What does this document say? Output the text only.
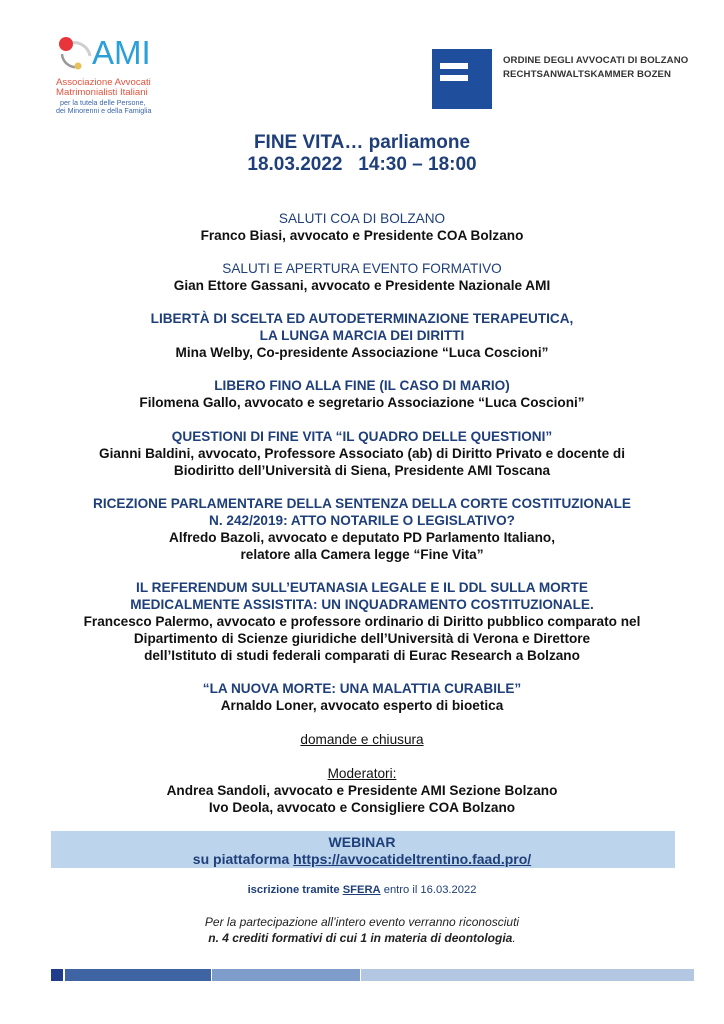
AMI
Associazione Avvocati
Matrimonialisti Italiani
per la tutela delle Persone,
dei Minorenni e della Famiglia
ORDINE DEGLI AVVOCATI DI BOLZANO
RECHTSANWALTSKAMMER BOZEN
FINE VITA… parliamone
18.03.2022   14:30 – 18:00
SALUTI COA DI BOLZANO
Franco Biasi, avvocato e Presidente COA Bolzano
SALUTI E APERTURA EVENTO FORMATIVO
Gian Ettore Gassani, avvocato e Presidente Nazionale AMI
LIBERTÀ DI SCELTA ED AUTODETERMINAZIONE TERAPEUTICA,
LA LUNGA MARCIA DEI DIRITTI
Mina Welby, Co-presidente Associazione “Luca Coscioni”
LIBERO FINO ALLA FINE (IL CASO DI MARIO)
Filomena Gallo, avvocato e segretario Associazione “Luca Coscioni”
QUESTIONI DI FINE VITA “IL QUADRO DELLE QUESTIONI”
Gianni Baldini, avvocato, Professore Associato (ab) di Diritto Privato e docente di
Biodiritto dell’Università di Siena, Presidente AMI Toscana
RICEZIONE PARLAMENTARE DELLA SENTENZA DELLA CORTE COSTITUZIONALE
N. 242/2019: ATTO NOTARILE O LEGISLATIVO?
Alfredo Bazoli, avvocato e deputato PD Parlamento Italiano,
relatore alla Camera legge “Fine Vita”
IL REFERENDUM SULL’EUTANASIA LEGALE E IL DDL SULLA MORTE
MEDICALMENTE ASSISTITA: UN INQUADRAMENTO COSTITUZIONALE.
Francesco Palermo, avvocato e professore ordinario di Diritto pubblico comparato nel
Dipartimento di Scienze giuridiche dell’Università di Verona e Direttore
dell’Istituto di studi federali comparati di Eurac Research a Bolzano
“LA NUOVA MORTE: UNA MALATTIA CURABILE”
Arnaldo Loner, avvocato esperto di bioetica
domande e chiusura
Moderatori:
Andrea Sandoli, avvocato e Presidente AMI Sezione Bolzano
Ivo Deola, avvocato e Consigliere COA Bolzano
WEBINAR
su piattaforma https://avvocatideltrentino.faad.pro/
iscrizione tramite SFERA entro il 16.03.2022
Per la partecipazione all’intero evento verranno riconosciuti
n. 4 crediti formativi di cui 1 in materia di deontologia.
